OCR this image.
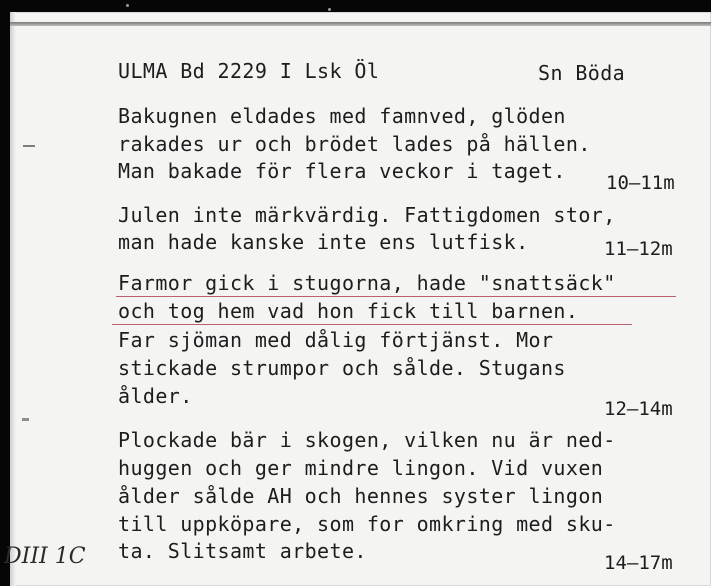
ULMA Bd 2229 I Lsk Öl	Sn Böda
Bakugnen eldades med famnved, glöden
rakades ur och brödet lades på hällen.
Man bakade för flera veckor i taget. 10–11m
Julen inte märkvärdig. Fattigdomen stor,
man hade kanske inte ens lutfisk.	11–12m
Farmor gick i stugorna, hade "snattsäck"
och tog hem vad hon fick till barnen.
Far sjöman med dålig förtjänst. Mor
stickade strumpor och sålde. Stugans
ålder.
12–14m
Plockade bär i skogen, vilken nu är ned-
huggen och ger mindre lingon. Vid vuxen
ålder sålde AH och hennes syster lingon
till uppköpare, som for omkring med sku-
ta. Slitsamt arbete.	14–17m
DIII 1C
